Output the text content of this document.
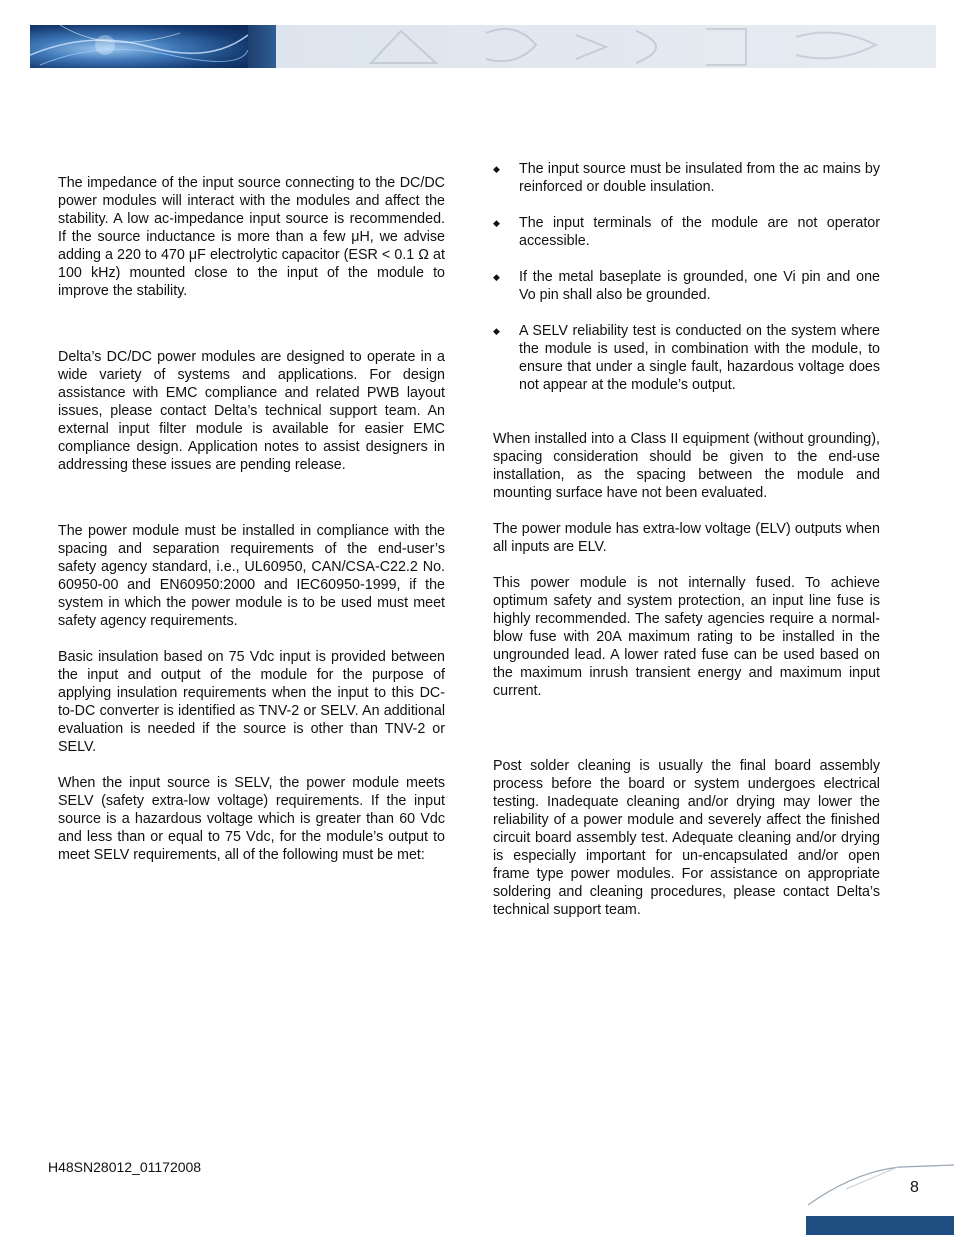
The impedance of the input source connecting to the DC/DC power modules will interact with the modules and affect the stability. A low ac-impedance input source is recommended. If the source inductance is more than a few μH, we advise adding a 220 to 470 μF electrolytic capacitor (ESR < 0.1 Ω at 100 kHz) mounted close to the input of the module to improve the stability.

Delta’s DC/DC power modules are designed to operate in a wide variety of systems and applications. For design assistance with EMC compliance and related PWB layout issues, please contact Delta’s technical support team. An external input filter module is available for easier EMC compliance design. Application notes to assist designers in addressing these issues are pending release.

The power module must be installed in compliance with the spacing and separation requirements of the end-user’s safety agency standard, i.e., UL60950, CAN/CSA-C22.2 No. 60950-00 and EN60950:2000 and IEC60950-1999, if the system in which the power module is to be used must meet safety agency requirements.

Basic insulation based on 75 Vdc input is provided between the input and output of the module for the purpose of applying insulation requirements when the input to this DC-to-DC converter is identified as TNV-2 or SELV. An additional evaluation is needed if the source is other than TNV-2 or SELV.

When the input source is SELV, the power module meets SELV (safety extra-low voltage) requirements. If the input source is a hazardous voltage which is greater than 60 Vdc and less than or equal to 75 Vdc, for the module’s output to meet SELV requirements, all of the following must be met:

◆ The input source must be insulated from the ac mains by reinforced or double insulation.
◆ The input terminals of the module are not operator accessible.
◆ If the metal baseplate is grounded, one Vi pin and one Vo pin shall also be grounded.
◆ A SELV reliability test is conducted on the system where the module is used, in combination with the module, to ensure that under a single fault, hazardous voltage does not appear at the module’s output.

When installed into a Class II equipment (without grounding), spacing consideration should be given to the end-use installation, as the spacing between the module and mounting surface have not been evaluated.

The power module has extra-low voltage (ELV) outputs when all inputs are ELV.

This power module is not internally fused. To achieve optimum safety and system protection, an input line fuse is highly recommended. The safety agencies require a normal-blow fuse with 20A maximum rating to be installed in the ungrounded lead. A lower rated fuse can be used based on the maximum inrush transient energy and maximum input current.

Post solder cleaning is usually the final board assembly process before the board or system undergoes electrical testing. Inadequate cleaning and/or drying may lower the reliability of a power module and severely affect the finished circuit board assembly test. Adequate cleaning and/or drying is especially important for un-encapsulated and/or open frame type power modules. For assistance on appropriate soldering and cleaning procedures, please contact Delta’s technical support team.

H48SN28012_01172008
8
